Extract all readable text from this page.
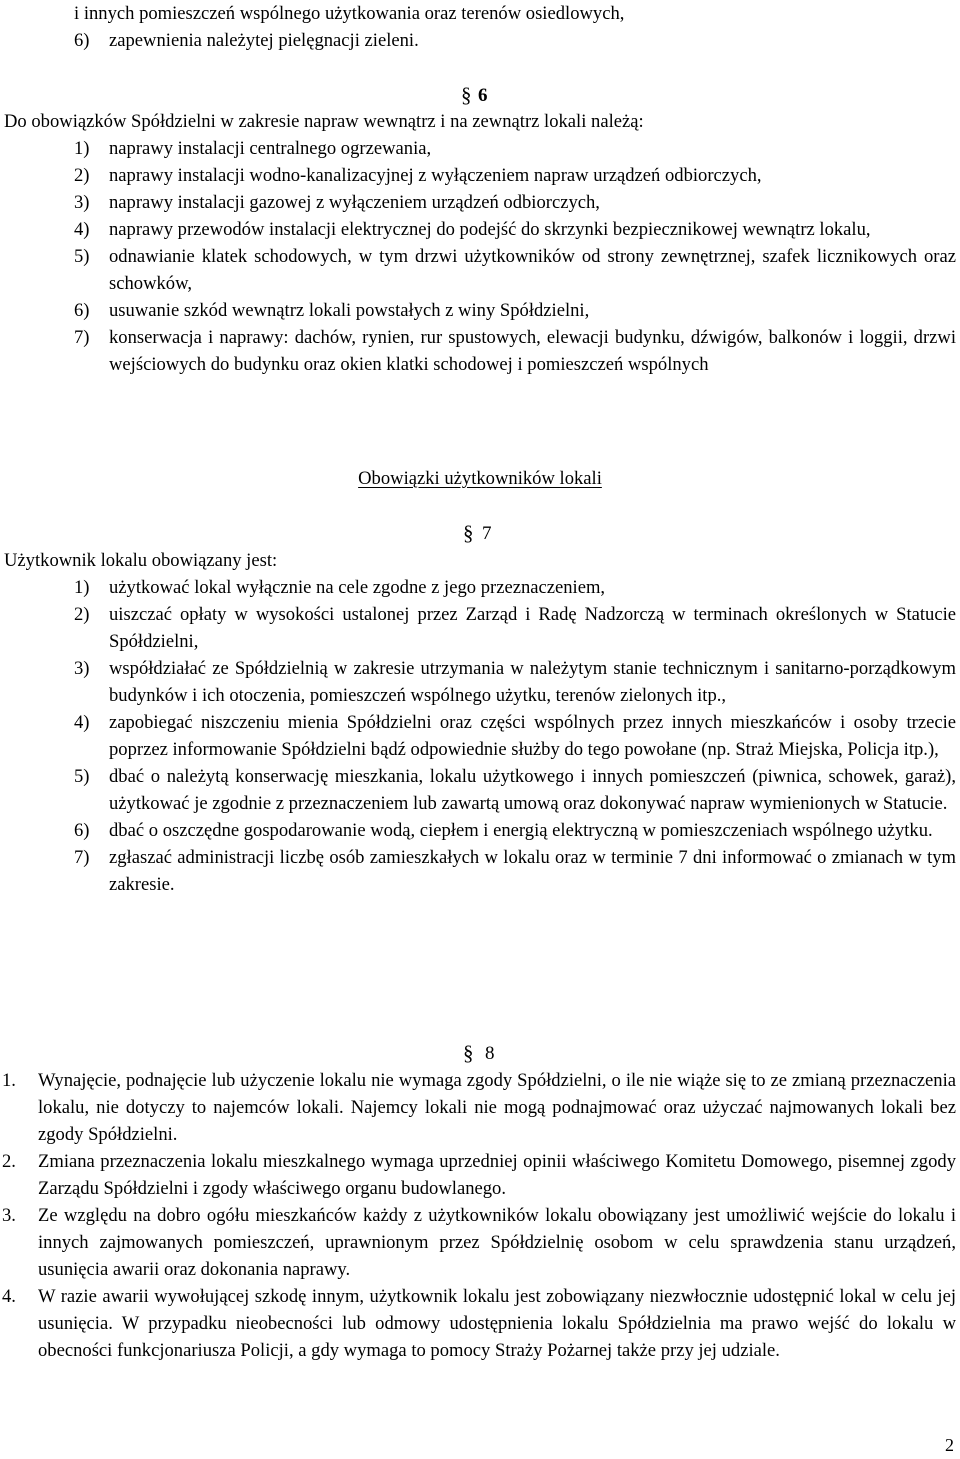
i innych pomieszczeń wspólnego użytkowania oraz terenów osiedlowych,
6) zapewnienia należytej pielęgnacji zieleni.
§ 6
Do obowiązków Spółdzielni w zakresie napraw wewnątrz i na zewnątrz lokali należą:
1) naprawy instalacji centralnego ogrzewania,
2) naprawy instalacji wodno-kanalizacyjnej z wyłączeniem napraw urządzeń odbiorczych,
3) naprawy instalacji gazowej z wyłączeniem urządzeń odbiorczych,
4) naprawy przewodów instalacji elektrycznej do podejść do skrzynki bezpiecznikowej wewnątrz lokalu,
5) odnawianie klatek schodowych, w tym drzwi użytkowników od strony zewnętrznej, szafek licznikowych oraz schowków,
6) usuwanie szkód wewnątrz lokali powstałych z winy Spółdzielni,
7) konserwacja i naprawy: dachów, rynien, rur spustowych, elewacji budynku, dźwigów, balkonów i loggii, drzwi wejściowych do budynku oraz okien klatki schodowej i pomieszczeń wspólnych
Obowiązki użytkowników lokali
§ 7
Użytkownik lokalu obowiązany jest:
1) użytkować lokal wyłącznie na cele zgodne z jego przeznaczeniem,
2) uiszczać opłaty w wysokości ustalonej przez Zarząd i Radę Nadzorczą w terminach określonych w Statucie Spółdzielni,
3) współdziałać ze Spółdzielnią w zakresie utrzymania w należytym stanie technicznym i sanitarno-porządkowym budynków i ich otoczenia, pomieszczeń wspólnego użytku, terenów zielonych itp.,
4) zapobiegać niszczeniu mienia Spółdzielni oraz części wspólnych przez innych mieszkańców i osoby trzecie poprzez informowanie Spółdzielni bądź odpowiednie służby do tego powołane (np. Straż Miejska, Policja itp.),
5) dbać o należytą konserwację mieszkania, lokalu użytkowego i innych pomieszczeń (piwnica, schowek, garaż), użytkować je zgodnie z przeznaczeniem lub zawartą umową oraz dokonywać napraw wymienionych w Statucie.
6) dbać o oszczędne gospodarowanie wodą, ciepłem i energią elektryczną w pomieszczeniach wspólnego użytku.
7) zgłaszać administracji liczbę osób zamieszkałych w lokalu oraz w terminie 7 dni informować o zmianach w tym zakresie.
§ 8
1. Wynajęcie, podnajęcie lub użyczenie lokalu nie wymaga zgody Spółdzielni, o ile nie wiąże się to ze zmianą przeznaczenia lokalu, nie dotyczy to najemców lokali. Najemcy lokali nie mogą podnajmować oraz użyczać najmowanych lokali bez zgody Spółdzielni.
2. Zmiana przeznaczenia lokalu mieszkalnego wymaga uprzedniej opinii właściwego Komitetu Domowego, pisemnej zgody Zarządu Spółdzielni i zgody właściwego organu budowlanego.
3. Ze względu na dobro ogółu mieszkańców każdy z użytkowników lokalu obowiązany jest umożliwić wejście do lokalu i innych zajmowanych pomieszczeń, uprawnionym przez Spółdzielnię osobom w celu sprawdzenia stanu urządzeń, usunięcia awarii oraz dokonania naprawy.
4. W razie awarii wywołującej szkodę innym, użytkownik lokalu jest zobowiązany niezwłocznie udostępnić lokal w celu jej usunięcia. W przypadku nieobecności lub odmowy udostępnienia lokalu Spółdzielnia ma prawo wejść do lokalu w obecności funkcjonariusza Policji, a gdy wymaga to pomocy Straży Pożarnej także przy jej udziale.
2
